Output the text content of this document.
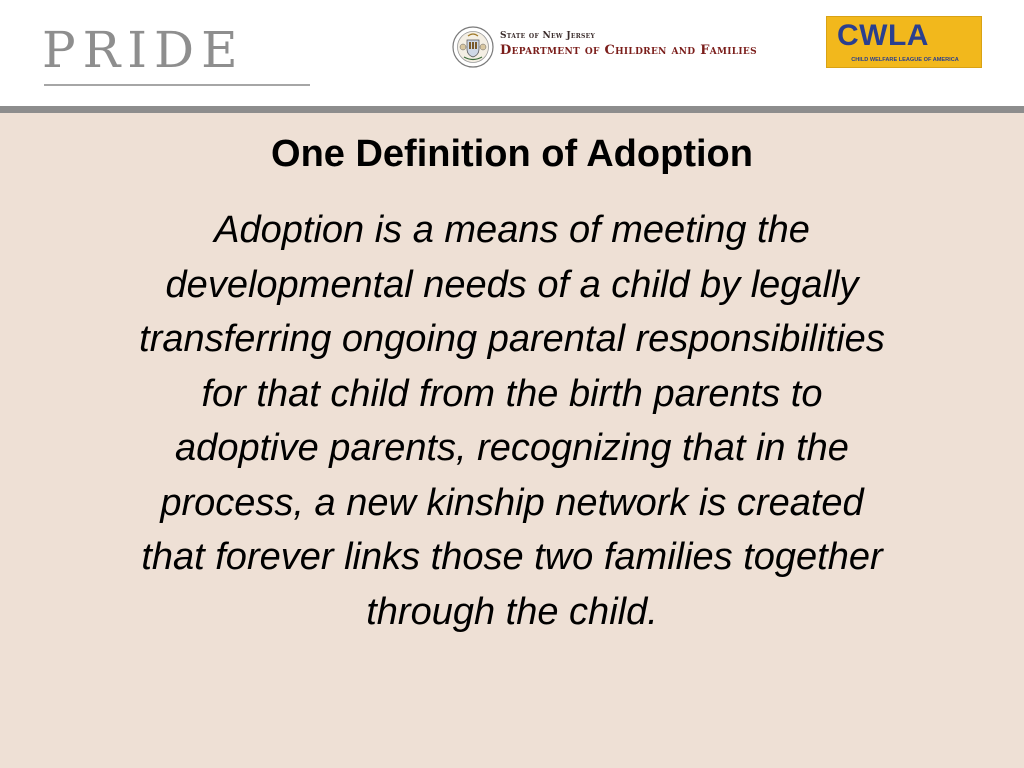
PRIDE	State of New Jersey
Department of Children and Families	CWLA
CHILD WELFARE LEAGUE OF AMERICA
One Definition of Adoption

Adoption is a means of meeting the
developmental needs of a child by legally
transferring ongoing parental responsibilities
for that child from the birth parents to
adoptive parents, recognizing that in the
process, a new kinship network is created
that forever links those two families together
through the child.
